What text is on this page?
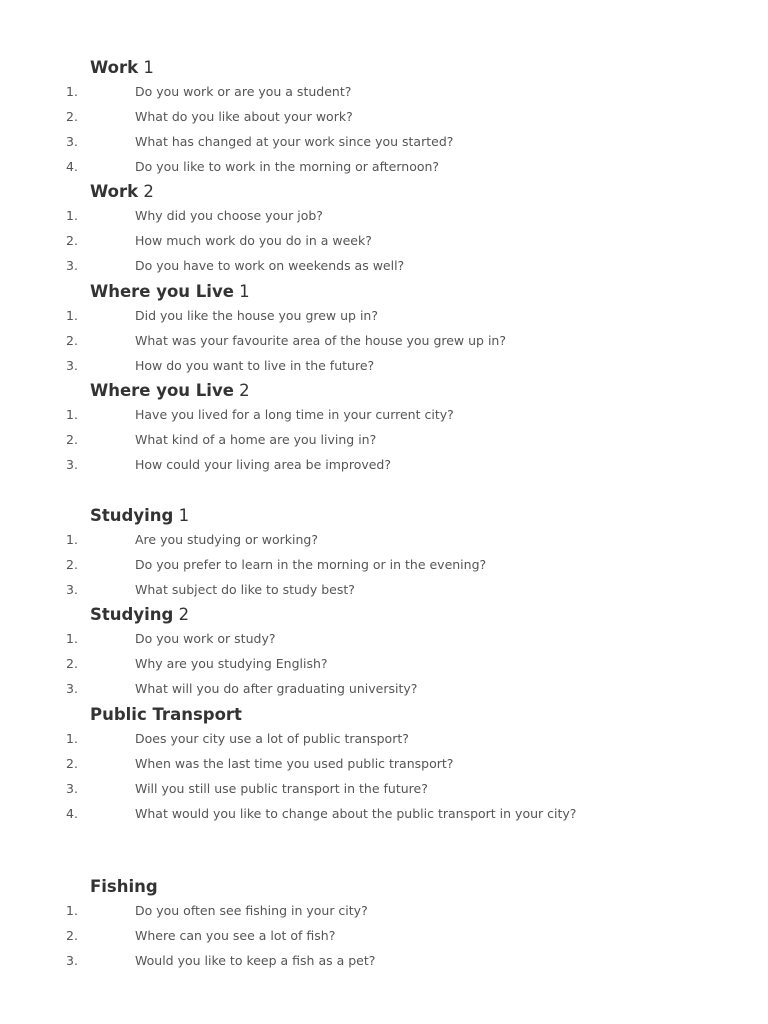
Work 1
1.	Do you work or are you a student?
2.	What do you like about your work?
3.	What has changed at your work since you started?
4.	Do you like to work in the morning or afternoon?
Work 2
1.	Why did you choose your job?
2.	How much work do you do in a week?
3.	Do you have to work on weekends as well?
Where you Live 1
1.	Did you like the house you grew up in?
2.	What was your favourite area of the house you grew up in?
3.	How do you want to live in the future?
Where you Live 2
1.	Have you lived for a long time in your current city?
2.	What kind of a home are you living in?
3.	How could your living area be improved?
Studying 1
1.	Are you studying or working?
2.	Do you prefer to learn in the morning or in the evening?
3.	What subject do like to study best?
Studying 2
1.	Do you work or study?
2.	Why are you studying English?
3.	What will you do after graduating university?
Public Transport
1.	Does your city use a lot of public transport?
2.	When was the last time you used public transport?
3.	Will you still use public transport in the future?
4.	What would you like to change about the public transport in your city?
Fishing
1.	Do you often see fishing in your city?
2.	Where can you see a lot of fish?
3.	Would you like to keep a fish as a pet?
